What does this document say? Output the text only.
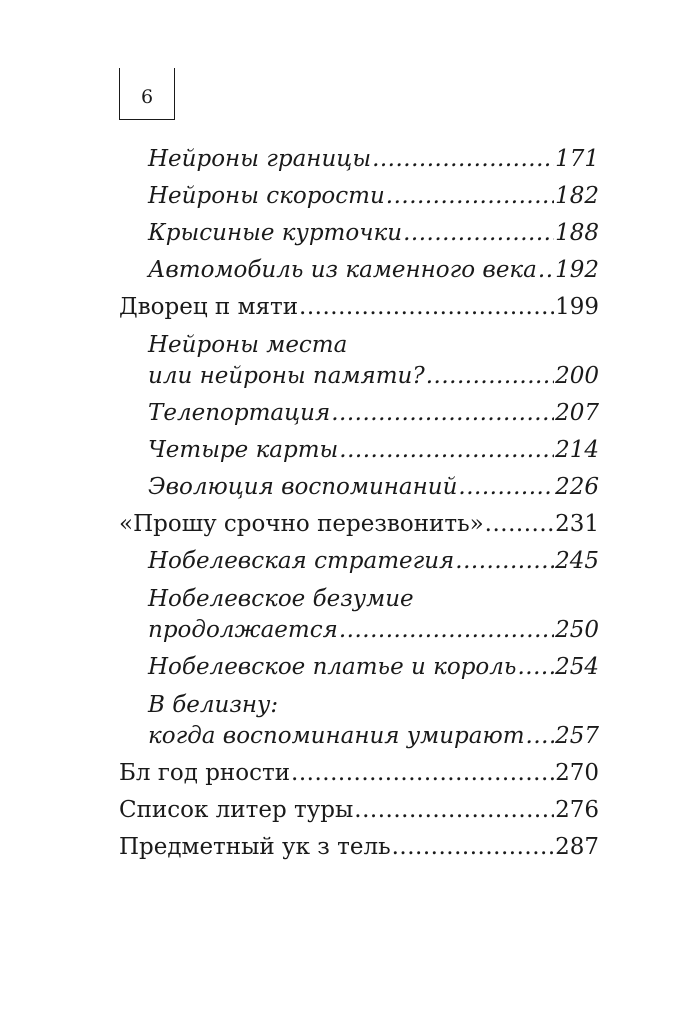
6
Нейроны границы .....	171
Нейроны скорости .....	182
Крысиные курточки .....	188
Автомобиль из каменного века ..... 192
Дворец п мяти .....	199
Нейроны места
или нейроны памяти? .....	200
Телепортация .....	207
Четыре карты .....	214
Эволюция воспоминаний .....	226
«Прошу срочно перезвонить» .....	231
Нобелевская стратегия .....	245
Нобелевское безумие
продолжается .....	250
Нобелевское платье и король ..... 254
В белизну:
когда воспоминания умирают ..... 257
Бл год рности .....	270
Список литер туры .....	276
Предметный ук з тель .....	287
